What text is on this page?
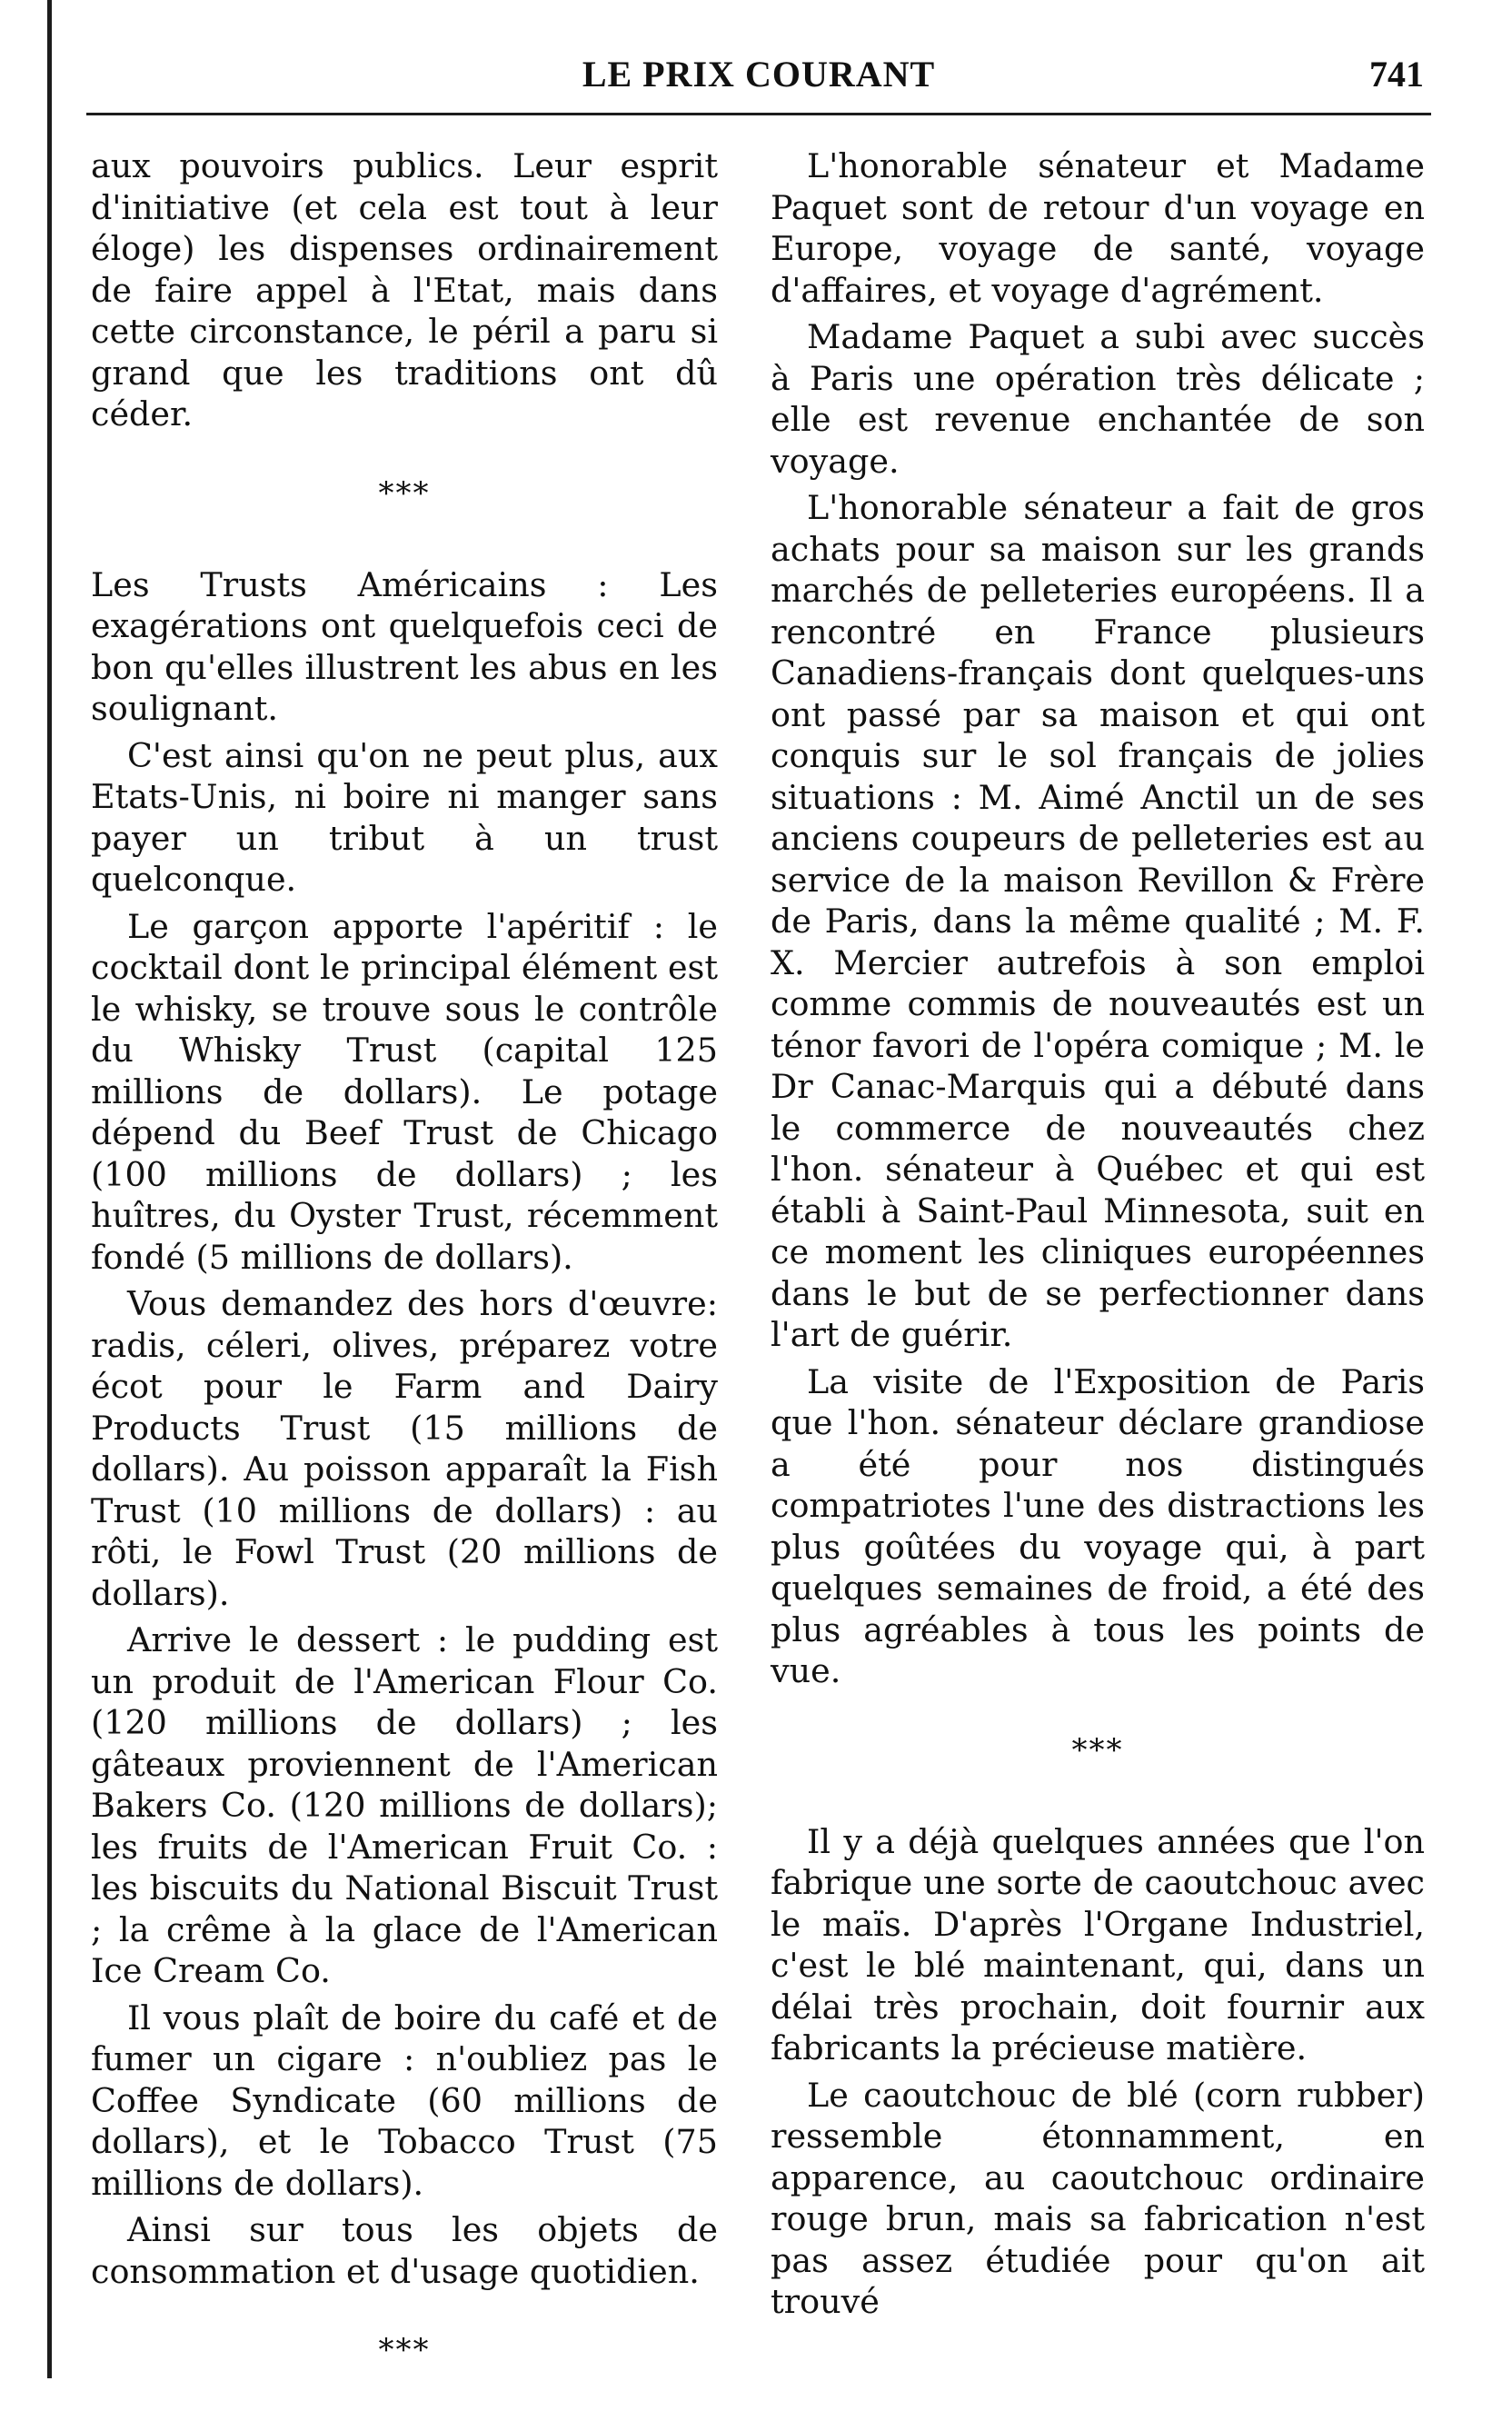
LE PRIX COURANT	741

aux pouvoirs publics. Leur esprit d'initiative (et cela est tout à leur éloge) les dispenses ordinairement de faire appel à l'Etat, mais dans cette circonstance, le péril a paru si grand que les traditions ont dû céder.

***

Les Trusts Américains : Les exagérations ont quelquefois ceci de bon qu'elles illustrent les abus en les soulignant.

C'est ainsi qu'on ne peut plus, aux Etats-Unis, ni boire ni manger sans payer un tribut à un trust quelconque.

Le garçon apporte l'apéritif : le cocktail dont le principal élément est le whisky, se trouve sous le contrôle du Whisky Trust (capital 125 millions de dollars). Le potage dépend du Beef Trust de Chicago (100 millions de dollars) ; les huîtres, du Oyster Trust, récemment fondé (5 millions de dollars).

Vous demandez des hors d'œuvre: radis, céleri, olives, préparez votre écot pour le Farm and Dairy Products Trust (15 millions de dollars). Au poisson apparaît la Fish Trust (10 millions de dollars) : au rôti, le Fowl Trust (20 millions de dollars).

Arrive le dessert : le pudding est un produit de l'American Flour Co. (120 millions de dollars) ; les gâteaux proviennent de l'American Bakers Co. (120 millions de dollars); les fruits de l'American Fruit Co. : les biscuits du National Biscuit Trust ; la crême à la glace de l'American Ice Cream Co.

Il vous plaît de boire du café et de fumer un cigare : n'oubliez pas le Coffee Syndicate (60 millions de dollars), et le Tobacco Trust (75 millions de dollars).

Ainsi sur tous les objets de consommation et d'usage quotidien.

***

L'honorable sénateur et Madame Paquet sont de retour d'un voyage en Europe, voyage de santé, voyage d'affaires, et voyage d'agrément.

Madame Paquet a subi avec succès à Paris une opération très délicate ; elle est revenue enchantée de son voyage.

L'honorable sénateur a fait de gros achats pour sa maison sur les grands marchés de pelleteries européens. Il a rencontré en France plusieurs Canadiens-français dont quelques-uns ont passé par sa maison et qui ont conquis sur le sol français de jolies situations : M. Aimé Anctil un de ses anciens coupeurs de pelleteries est au service de la maison Revillon & Frère de Paris, dans la même qualité ; M. F. X. Mercier autrefois à son emploi comme commis de nouveautés est un ténor favori de l'opéra comique ; M. le Dr Canac-Marquis qui a débuté dans le commerce de nouveautés chez l'hon. sénateur à Québec et qui est établi à Saint-Paul Minnesota, suit en ce moment les cliniques européennes dans le but de se perfectionner dans l'art de guérir.

La visite de l'Exposition de Paris que l'hon. sénateur déclare grandiose a été pour nos distingués compatriotes l'une des distractions les plus goûtées du voyage qui, à part quelques semaines de froid, a été des plus agréables à tous les points de vue.

***

Il y a déjà quelques années que l'on fabrique une sorte de caoutchouc avec le maïs. D'après l'Organe Industriel, c'est le blé maintenant, qui, dans un délai très prochain, doit fournir aux fabricants la précieuse matière.

Le caoutchouc de blé (corn rubber) ressemble étonnamment, en apparence, au caoutchouc ordinaire rouge brun, mais sa fabrication n'est pas assez étudiée pour qu'on ait trouvé
